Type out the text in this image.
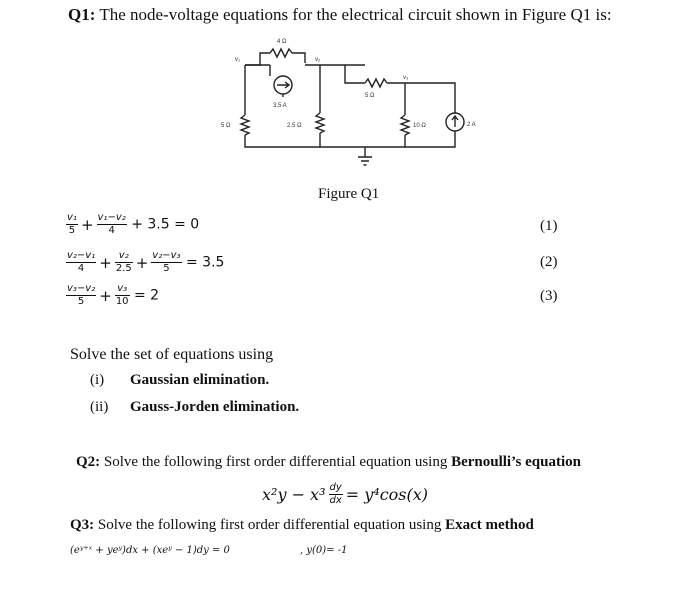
Q1: The node-voltage equations for the electrical circuit shown in Figure Q1 is:
4 Ω
v₁	v₂
v₃
5 Ω
3.5 A
5 Ω	2.5 Ω	10 Ω	2 A
Figure Q1
$\frac{\text{v₁}}{5} + \frac{\text{v₁−v₂}}{4} + 3.5 = 0$	(1)
$\frac{\text{v₂−v₁}}{4} + \frac{\text{v₂}}{2.5} + \frac{\text{v₂−v₃}}{5} = 3.5$	(2)
$\frac{\text{v₃−v₂}}{5} + \frac{\text{v₃}}{10} = 2$	(3)
Solve the set of equations using
(i) Gaussian elimination.
(ii) Gauss-Jorden elimination.
Q2: Solve the following first order differential equation using Bernoulli’s equation
$x^2y - x^3 \frac{dy}{dx} = y^4\cos(x)$
Q3: Solve the following first order differential equation using Exact method
(eʸ⁺ˣ + yeʸ)dx + (xeʸ − 1)dy = 0	, y(0)= -1
